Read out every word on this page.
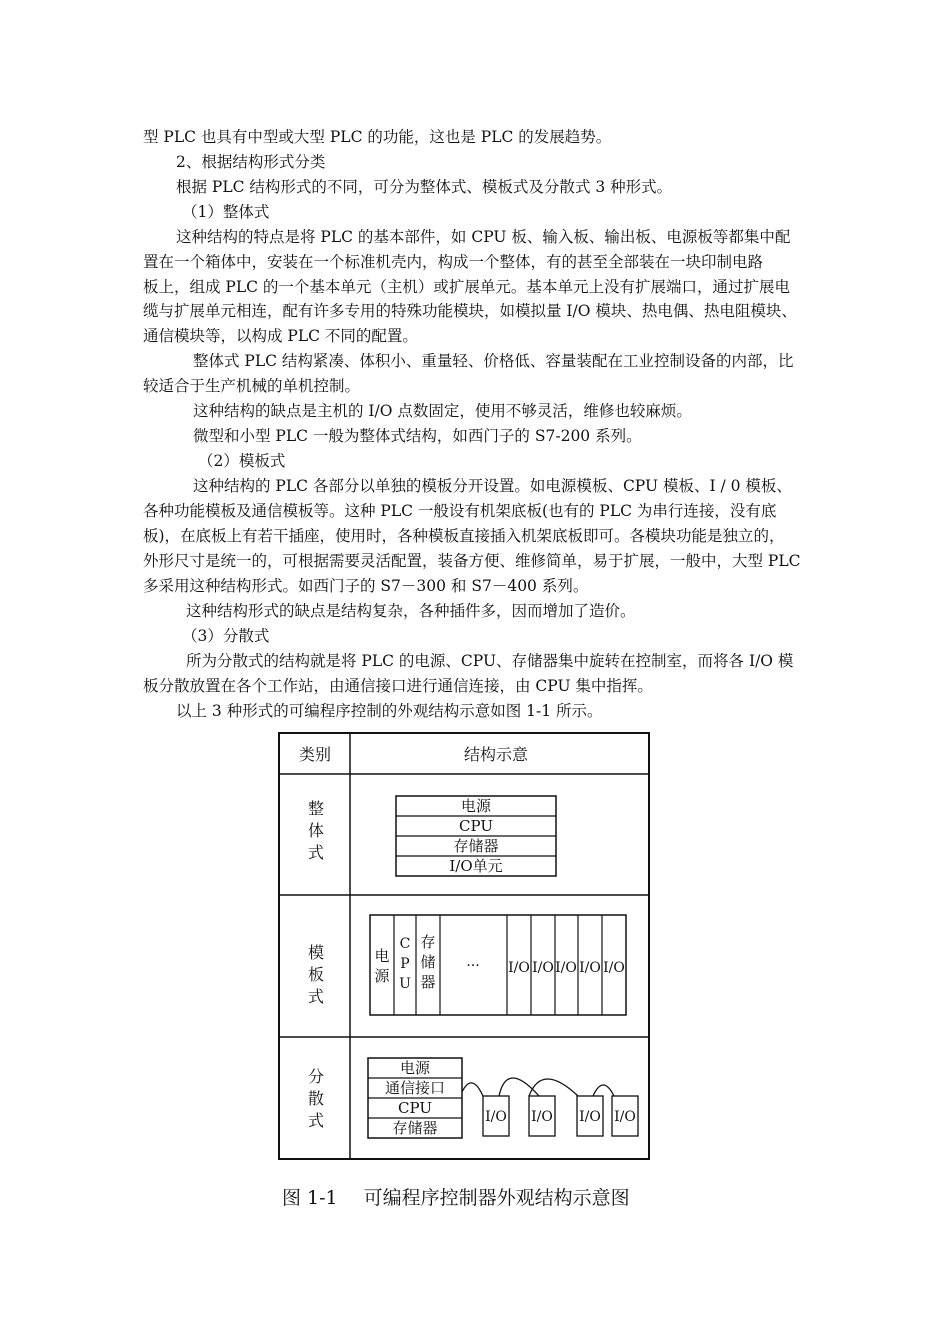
型 PLC 也具有中型或大型 PLC 的功能，这也是 PLC 的发展趋势。
2、根据结构形式分类
根据 PLC 结构形式的不同，可分为整体式、模板式及分散式 3 种形式。
（1）整体式
这种结构的特点是将 PLC 的基本部件，如 CPU 板、输入板、输出板、电源板等都集中配
置在一个箱体中，安装在一个标准机壳内，构成一个整体，有的甚至全部装在一块印制电路
板上，组成 PLC 的一个基本单元（主机）或扩展单元。基本单元上没有扩展端口，通过扩展电
缆与扩展单元相连，配有许多专用的特殊功能模块，如模拟量 I/O 模块、热电偶、热电阻模块、
通信模块等，以构成 PLC 不同的配置。
整体式 PLC 结构紧凑、体积小、重量轻、价格低、容量装配在工业控制设备的内部，比
较适合于生产机械的单机控制。
这种结构的缺点是主机的 I/O 点数固定，使用不够灵活，维修也较麻烦。
微型和小型 PLC 一般为整体式结构，如西门子的 S7-200 系列。
（2）模板式
这种结构的 PLC 各部分以单独的模板分开设置。如电源模板、CPU 模板、I / 0 模板、
各种功能模板及通信模板等。这种 PLC 一般设有机架底板(也有的 PLC 为串行连接，没有底
板)，在底板上有若干插座，使用时，各种模板直接插入机架底板即可。各模块功能是独立的，
外形尺寸是统一的，可根据需要灵活配置，装备方便、维修简单，易于扩展，一般中，大型 PLC
多采用这种结构形式。如西门子的 S7－300 和 S7－400 系列。
这种结构形式的缺点是结构复杂，各种插件多，因而增加了造价。
（3）分散式
所为分散式的结构就是将 PLC 的电源、CPU、存储器集中旋转在控制室，而将各 I/O 模
板分散放置在各个工作站，由通信接口进行通信连接，由 CPU 集中指挥。
以上 3 种形式的可编程序控制的外观结构示意如图 1-1 所示。
类别	结构示意
整
体
式
电源
CPU
存储器
I/O单元
模
板
式
电
源
C
P
U
存
储
器
··· I/O I/O I/O I/O I/O
分
散
式
电源
通信接口
CPU
存储器
I/O I/O I/O I/O
图 1-1 可编程序控制器外观结构示意图
